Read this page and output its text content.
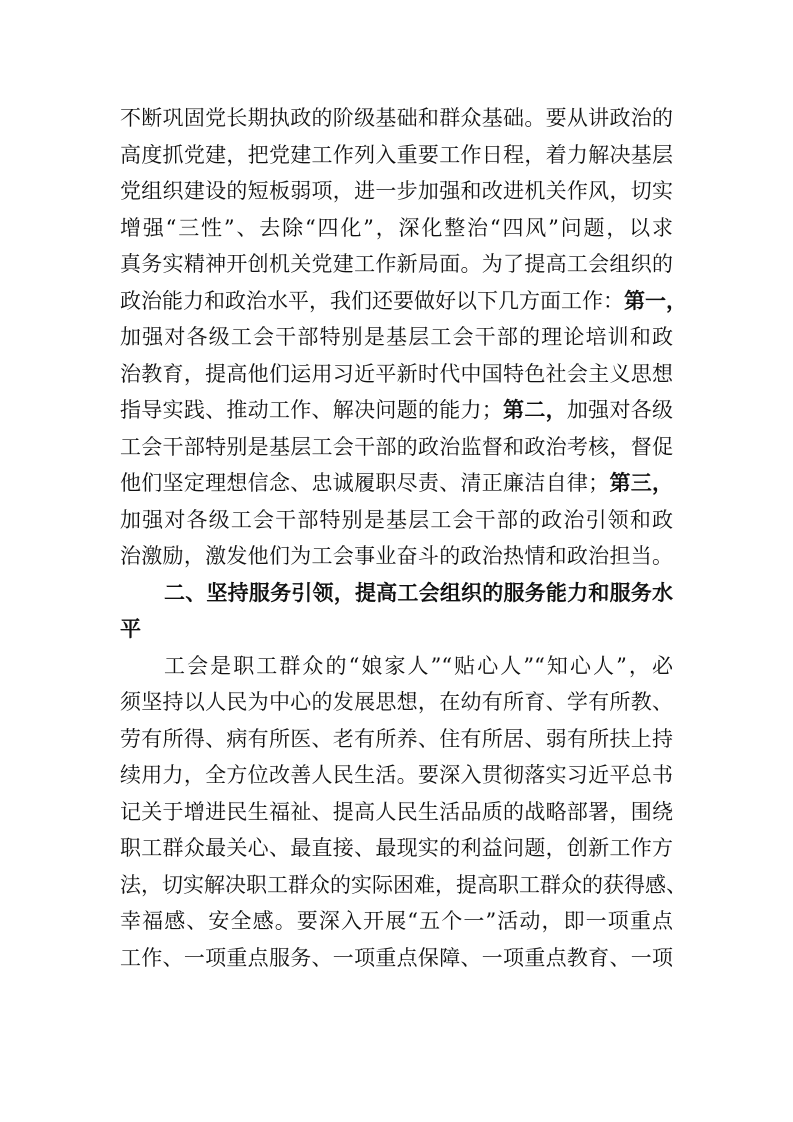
不断巩固党长期执政的阶级基础和群众基础。要从讲政治的
高度抓党建，把党建工作列入重要工作日程，着力解决基层
党组织建设的短板弱项，进一步加强和改进机关作风，切实
增强“三性”、去除“四化”，深化整治“四风”问题，以求
真务实精神开创机关党建工作新局面。为了提高工会组织的
政治能力和政治水平，我们还要做好以下几方面工作：第一，
加强对各级工会干部特别是基层工会干部的理论培训和政
治教育，提高他们运用习近平新时代中国特色社会主义思想
指导实践、推动工作、解决问题的能力；第二，加强对各级
工会干部特别是基层工会干部的政治监督和政治考核，督促
他们坚定理想信念、忠诚履职尽责、清正廉洁自律；第三，
加强对各级工会干部特别是基层工会干部的政治引领和政
治激励，激发他们为工会事业奋斗的政治热情和政治担当。
二、坚持服务引领，提高工会组织的服务能力和服务水
平
工会是职工群众的“娘家人”“贴心人”“知心人”，必
须坚持以人民为中心的发展思想，在幼有所育、学有所教、
劳有所得、病有所医、老有所养、住有所居、弱有所扶上持
续用力，全方位改善人民生活。要深入贯彻落实习近平总书
记关于增进民生福祉、提高人民生活品质的战略部署，围绕
职工群众最关心、最直接、最现实的利益问题，创新工作方
法，切实解决职工群众的实际困难，提高职工群众的获得感、
幸福感、安全感。要深入开展“五个一”活动，即一项重点
工作、一项重点服务、一项重点保障、一项重点教育、一项
